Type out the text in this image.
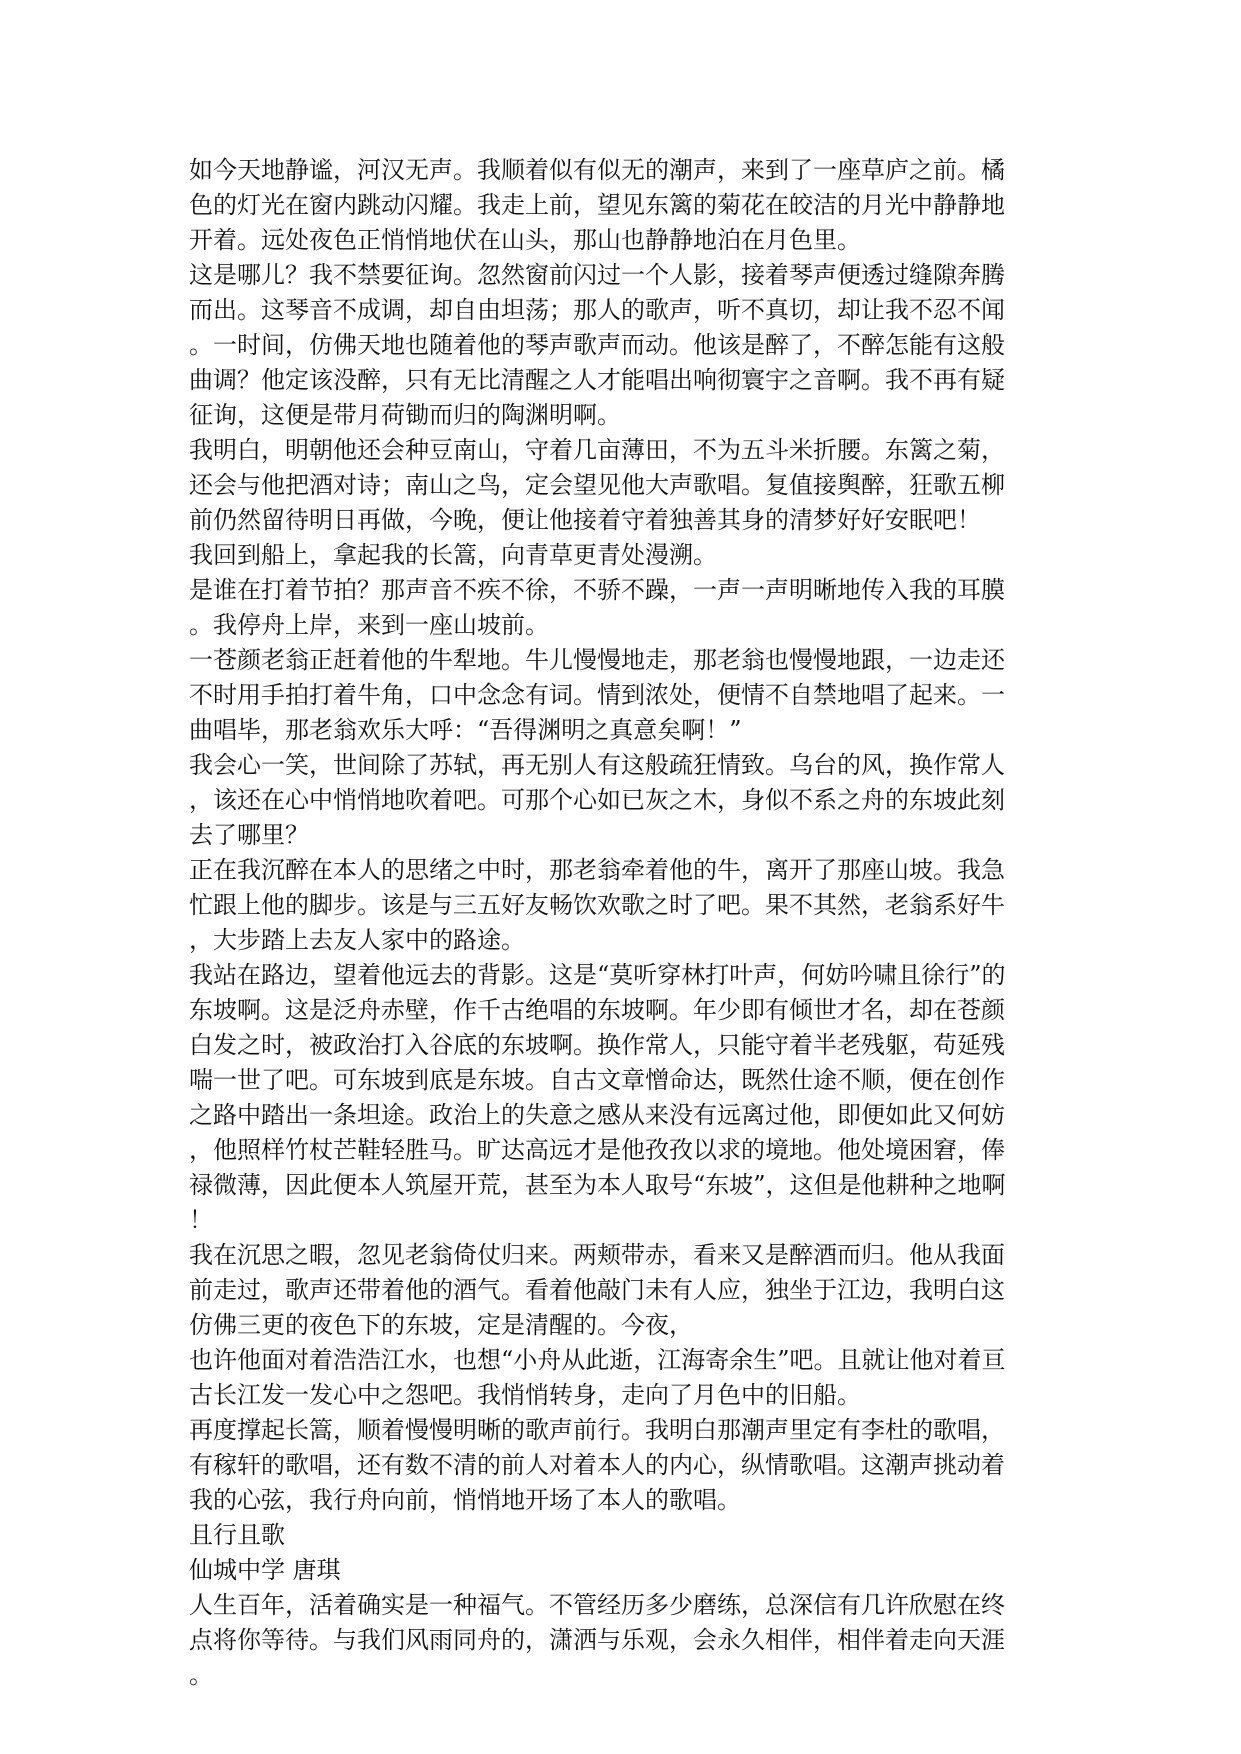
如今天地静谧，河汉无声。我顺着似有似无的潮声，来到了一座草庐之前。橘
色的灯光在窗内跳动闪耀。我走上前，望见东篱的菊花在皎洁的月光中静静地
开着。远处夜色正悄悄地伏在山头，那山也静静地泊在月色里。
这是哪儿？我不禁要征询。忽然窗前闪过一个人影，接着琴声便透过缝隙奔腾
而出。这琴音不成调，却自由坦荡；那人的歌声，听不真切，却让我不忍不闻
。一时间，仿佛天地也随着他的琴声歌声而动。他该是醉了，不醉怎能有这般
曲调？他定该没醉，只有无比清醒之人才能唱出响彻寰宇之音啊。我不再有疑
征询，这便是带月荷锄而归的陶渊明啊。
我明白，明朝他还会种豆南山，守着几亩薄田，不为五斗米折腰。东篱之菊，
还会与他把酒对诗；南山之鸟，定会望见他大声歌唱。复值接舆醉，狂歌五柳
前仍然留待明日再做，今晚，便让他接着守着独善其身的清梦好好安眠吧！
我回到船上，拿起我的长篙，向青草更青处漫溯。
是谁在打着节拍？那声音不疾不徐，不骄不躁，一声一声明晰地传入我的耳膜
。我停舟上岸，来到一座山坡前。
一苍颜老翁正赶着他的牛犁地。牛儿慢慢地走，那老翁也慢慢地跟，一边走还
不时用手拍打着牛角，口中念念有词。情到浓处，便情不自禁地唱了起来。一
曲唱毕，那老翁欢乐大呼：“吾得渊明之真意矣啊！”
我会心一笑，世间除了苏轼，再无别人有这般疏狂情致。乌台的风，换作常人
，该还在心中悄悄地吹着吧。可那个心如已灰之木，身似不系之舟的东坡此刻
去了哪里？
正在我沉醉在本人的思绪之中时，那老翁牵着他的牛，离开了那座山坡。我急
忙跟上他的脚步。该是与三五好友畅饮欢歌之时了吧。果不其然，老翁系好牛
，大步踏上去友人家中的路途。
我站在路边，望着他远去的背影。这是“莫听穿林打叶声，何妨吟啸且徐行”的
东坡啊。这是泛舟赤壁，作千古绝唱的东坡啊。年少即有倾世才名，却在苍颜
白发之时，被政治打入谷底的东坡啊。换作常人，只能守着半老残躯，苟延残
喘一世了吧。可东坡到底是东坡。自古文章憎命达，既然仕途不顺，便在创作
之路中踏出一条坦途。政治上的失意之感从来没有远离过他，即便如此又何妨
，他照样竹杖芒鞋轻胜马。旷达高远才是他孜孜以求的境地。他处境困窘，俸
禄微薄，因此便本人筑屋开荒，甚至为本人取号“东坡”，这但是他耕种之地啊
！
我在沉思之暇，忽见老翁倚仗归来。两颊带赤，看来又是醉酒而归。他从我面
前走过，歌声还带着他的酒气。看着他敲门未有人应，独坐于江边，我明白这
仿佛三更的夜色下的东坡，定是清醒的。今夜，
也许他面对着浩浩江水，也想“小舟从此逝，江海寄余生”吧。且就让他对着亘
古长江发一发心中之怨吧。我悄悄转身，走向了月色中的旧船。
再度撑起长篙，顺着慢慢明晰的歌声前行。我明白那潮声里定有李杜的歌唱，
有稼轩的歌唱，还有数不清的前人对着本人的内心，纵情歌唱。这潮声挑动着
我的心弦，我行舟向前，悄悄地开场了本人的歌唱。
且行且歌
仙城中学 唐琪
人生百年，活着确实是一种福气。不管经历多少磨练，总深信有几许欣慰在终
点将你等待。与我们风雨同舟的，潇洒与乐观，会永久相伴，相伴着走向天涯
。
